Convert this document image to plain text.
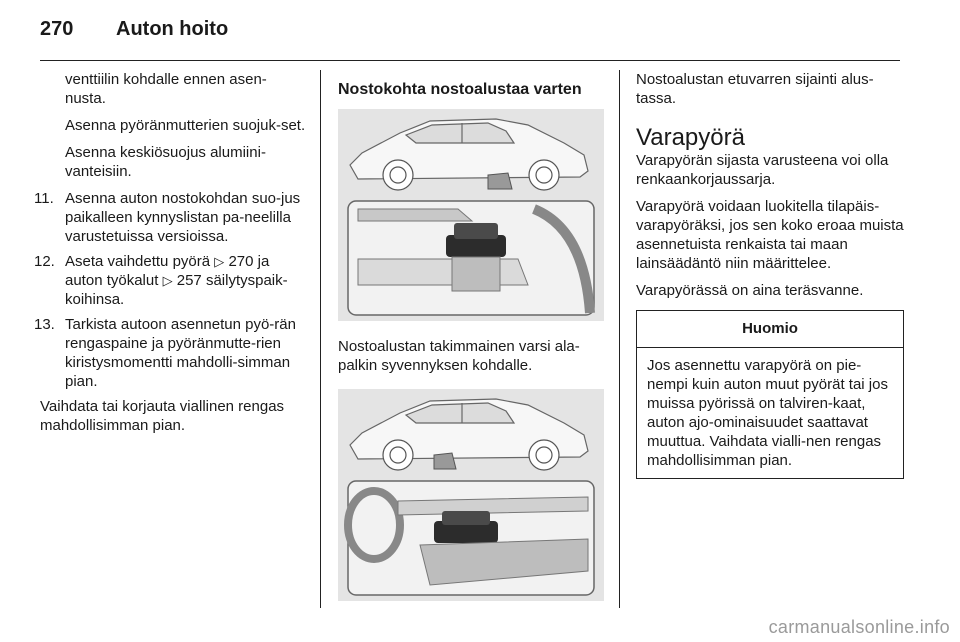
270 Auton hoito

venttiilin kohdalle ennen asen-nusta.

Asenna pyöränmutterien suojuk-set.

Asenna keskiösuojus alumiini-vanteisiin.

11. Asenna auton nostokohdan suo-jus paikalleen kynnyslistan pa-neelilla varustetuissa versioissa.
12. Aseta vaihdettu pyörä ▷ 270 ja auton työkalut ▷ 257 säilytyspaik-koihinsa.
13. Tarkista autoon asennetun pyö-rän rengaspaine ja pyöränmutte-rien kiristysmomentti mahdolli-simman pian.

Vaihdata tai korjauta viallinen rengas mahdollisimman pian.

Nostokohta nostoalustaa varten

Nostoalustan takimmainen varsi ala-palkin syvennyksen kohdalle.

Nostoalustan etuvarren sijainti alus-tassa.

Varapyörä

Varapyörän sijasta varusteena voi olla renkaankorjaussarja.

Varapyörä voidaan luokitella tilapäis-varapyöräksi, jos sen koko eroaa muista asennetuista renkaista tai maan lainsäädäntö niin määrittelee.

Varapyörässä on aina teräsvanne.

Huomio
Jos asennettu varapyörä on pie-nempi kuin auton muut pyörät tai jos muissa pyörissä on talviren-kaat, auton ajo-ominaisuudet saattavat muuttua. Vaihdata vialli-nen rengas mahdollisimman pian.
carmanualsonline.info
